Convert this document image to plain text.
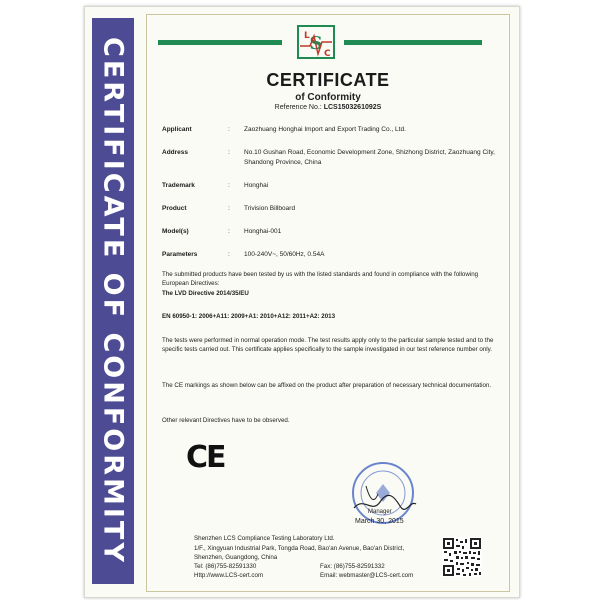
CERTIFICATE OF CONFORMITY	S
L
C
CERTIFICATE
of Conformity
Reference No.: LCS1503261092S
Applicant	: Zaozhuang Honghai Import and Export Trading Co., Ltd.
Address	: No.10 Gushan Road, Economic Development Zone, Shizhong District, Zaozhuang City, Shandong Province, China
Trademark	: Honghai
Product	: Trivision Billboard
Model(s)	: Honghai-001
Parameters	: 100-240V~, 50/60Hz, 0.54A
The submitted products have been tested by us with the listed standards and found in compliance with the following European Directives:
The LVD Directive 2014/35/EU
EN 60950-1: 2006+A11: 2009+A1: 2010+A12: 2011+A2: 2013
The tests were performed in normal operation mode. The test results apply only to the particular sample tested and to the specific tests carried out. This certificate applies specifically to the sample investigated in our test reference number only.
The CE markings as shown below can be affixed on the product after preparation of necessary technical documentation.
Other relevant Directives have to be observed.
CE
Manager
March 30, 2015
Shenzhen LCS Compliance Testing Laboratory Ltd.
1/F., Xingyuan Industrial Park, Tongda Road, Bao'an Avenue, Bao'an District,
Shenzhen, Guangdong, China
Tel: (86)755-82591330	Fax: (86)755-82591332
Http://www.LCS-cert.com	Email: webmaster@LCS-cert.com
